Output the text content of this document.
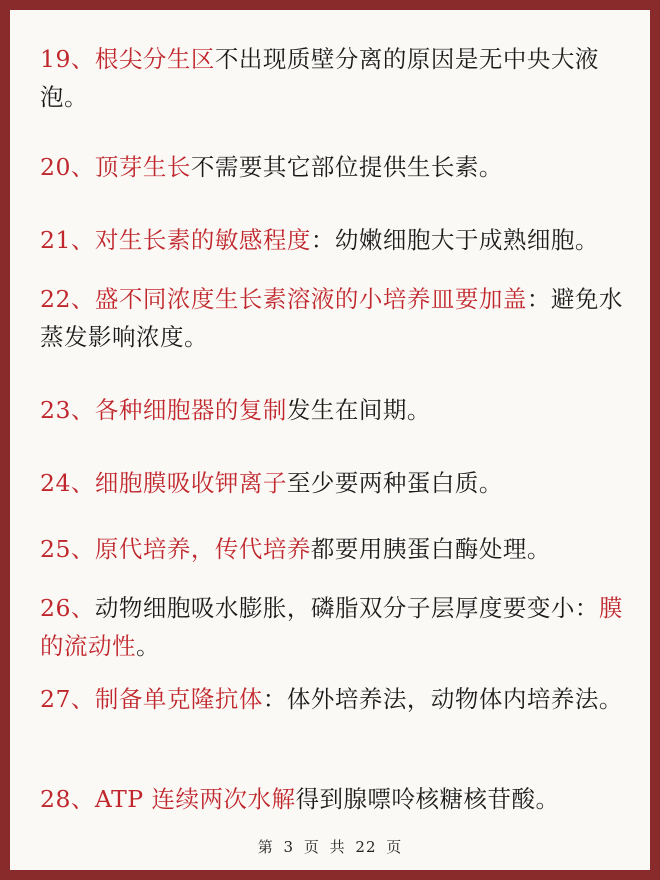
19、根尖分生区不出现质壁分离的原因是无中央大液泡。
20、顶芽生长不需要其它部位提供生长素。
21、对生长素的敏感程度：幼嫩细胞大于成熟细胞。
22、盛不同浓度生长素溶液的小培养皿要加盖：避免水蒸发影响浓度。
23、各种细胞器的复制发生在间期。
24、细胞膜吸收钾离子至少要两种蛋白质。
25、原代培养，传代培养都要用胰蛋白酶处理。
26、动物细胞吸水膨胀，磷脂双分子层厚度要变小：膜的流动性。
27、制备单克隆抗体：体外培养法，动物体内培养法。
28、ATP 连续两次水解得到腺嘌呤核糖核苷酸。
第 3 页 共 22 页
